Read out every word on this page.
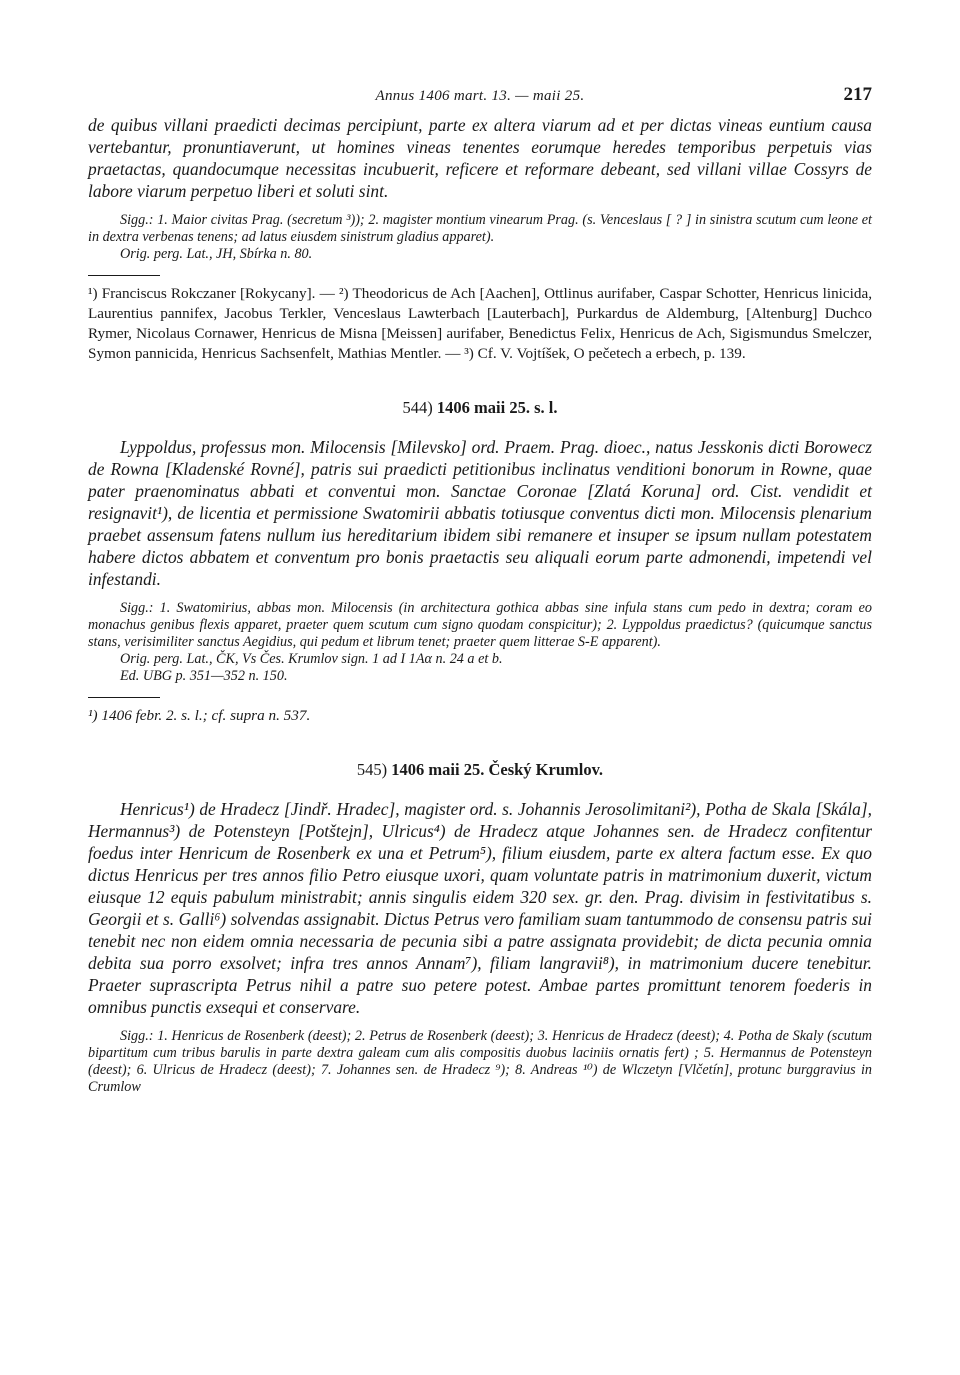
Annus 1406 mart. 13. — maii 25.	217

de quibus villani praedicti decimas percipiunt, parte ex altera viarum ad et per dictas vineas euntium causa vertebantur, pronuntiaverunt, ut homines vineas tenentes eorumque heredes temporibus perpetuis vias praetactas, quandocumque necessitas incubuerit, reficere et reformare debeant, sed villani villae Cossyrs de labore viarum perpetuo liberi et soluti sint.

Sigg.: 1. Maior civitas Prag. (secretum ³)); 2. magister montium vinearum Prag. (s. Venceslaus [ ? ] in sinistra scutum cum leone et in dextra verbenas tenens; ad latus eiusdem sinistrum gladius apparet).

Orig. perg. Lat., JH, Sbírka n. 80.

¹) Franciscus Rokczaner [Rokycany]. — ²) Theodoricus de Ach [Aachen], Ottlinus aurifaber, Caspar Schotter, Henricus linicida, Laurentius pannifex, Jacobus Terkler, Venceslaus Lawterbach [Lauterbach], Purkardus de Aldemburg, [Altenburg] Duchco Rymer, Nicolaus Cornawer, Henricus de Misna [Meissen] aurifaber, Benedictus Felix, Henricus de Ach, Sigismundus Smelczer, Symon pannicida, Henricus Sachsenfelt, Mathias Mentler. — ³) Cf. V. Vojtíšek, O pečetech a erbech, p. 139.

544) 1406 maii 25. s. l.

Lyppoldus, professus mon. Milocensis [Milevsko] ord. Praem. Prag. dioec., natus Jesskonis dicti Borowecz de Rowna [Kladenské Rovné], patris sui praedicti petitionibus inclinatus venditioni bonorum in Rowne, quae pater praenominatus abbati et conventui mon. Sanctae Coronae [Zlatá Koruna] ord. Cist. vendidit et resignavit¹), de licentia et permissione Swatomirii abbatis totiusque conventus dicti mon. Milocensis plenarium praebet assensum fatens nullum ius hereditarium ibidem sibi remanere et insuper se ipsum nullam potestatem habere dictos abbatem et conventum pro bonis praetactis seu aliquali eorum parte admonendi, impetendi vel infestandi.

Sigg.: 1. Swatomirius, abbas mon. Milocensis (in architectura gothica abbas sine infula stans cum pedo in dextra; coram eo monachus genibus flexis apparet, praeter quem scutum cum signo quodam conspicitur); 2. Lyppoldus praedictus? (quicumque sanctus stans, verisimiliter sanctus Aegidius, qui pedum et librum tenet; praeter quem litterae S-E apparent).

Orig. perg. Lat., ČK, Vs Čes. Krumlov sign. 1 ad I 1Aα n. 24 a et b.

Ed. UBG p. 351—352 n. 150.

¹) 1406 febr. 2. s. l.; cf. supra n. 537.

545) 1406 maii 25. Český Krumlov.

Henricus¹) de Hradecz [Jindř. Hradec], magister ord. s. Johannis Jerosolimitani²), Potha de Skala [Skála], Hermannus³) de Potensteyn [Potštejn], Ulricus⁴) de Hradecz atque Johannes sen. de Hradecz confitentur foedus inter Henricum de Rosenberk ex una et Petrum⁵), filium eiusdem, parte ex altera factum esse. Ex quo dictus Henricus per tres annos filio Petro eiusque uxori, quam voluntate patris in matrimonium duxerit, victum eiusque 12 equis pabulum ministrabit; annis singulis eidem 320 sex. gr. den. Prag. divisim in festivitatibus s. Georgii et s. Galli⁶) solvendas assignabit. Dictus Petrus vero familiam suam tantummodo de consensu patris sui tenebit nec non eidem omnia necessaria de pecunia sibi a patre assignata providebit; de dicta pecunia omnia debita sua porro exsolvet; infra tres annos Annam⁷), filiam langravii⁸), in matrimonium ducere tenebitur. Praeter suprascripta Petrus nihil a patre suo petere potest. Ambae partes promittunt tenorem foederis in omnibus punctis exsequi et conservare.

Sigg.: 1. Henricus de Rosenberk (deest); 2. Petrus de Rosenberk (deest); 3. Henricus de Hradecz (deest); 4. Potha de Skaly (scutum bipartitum cum tribus barulis in parte dextra galeam cum alis compositis duobus laciniis ornatis fert) ; 5. Hermannus de Potensteyn (deest); 6. Ulricus de Hradecz (deest); 7. Johannes sen. de Hradecz ⁹); 8. Andreas ¹⁰) de Wlczetyn [Vlčetín], protunc burggravius in Crumlow
